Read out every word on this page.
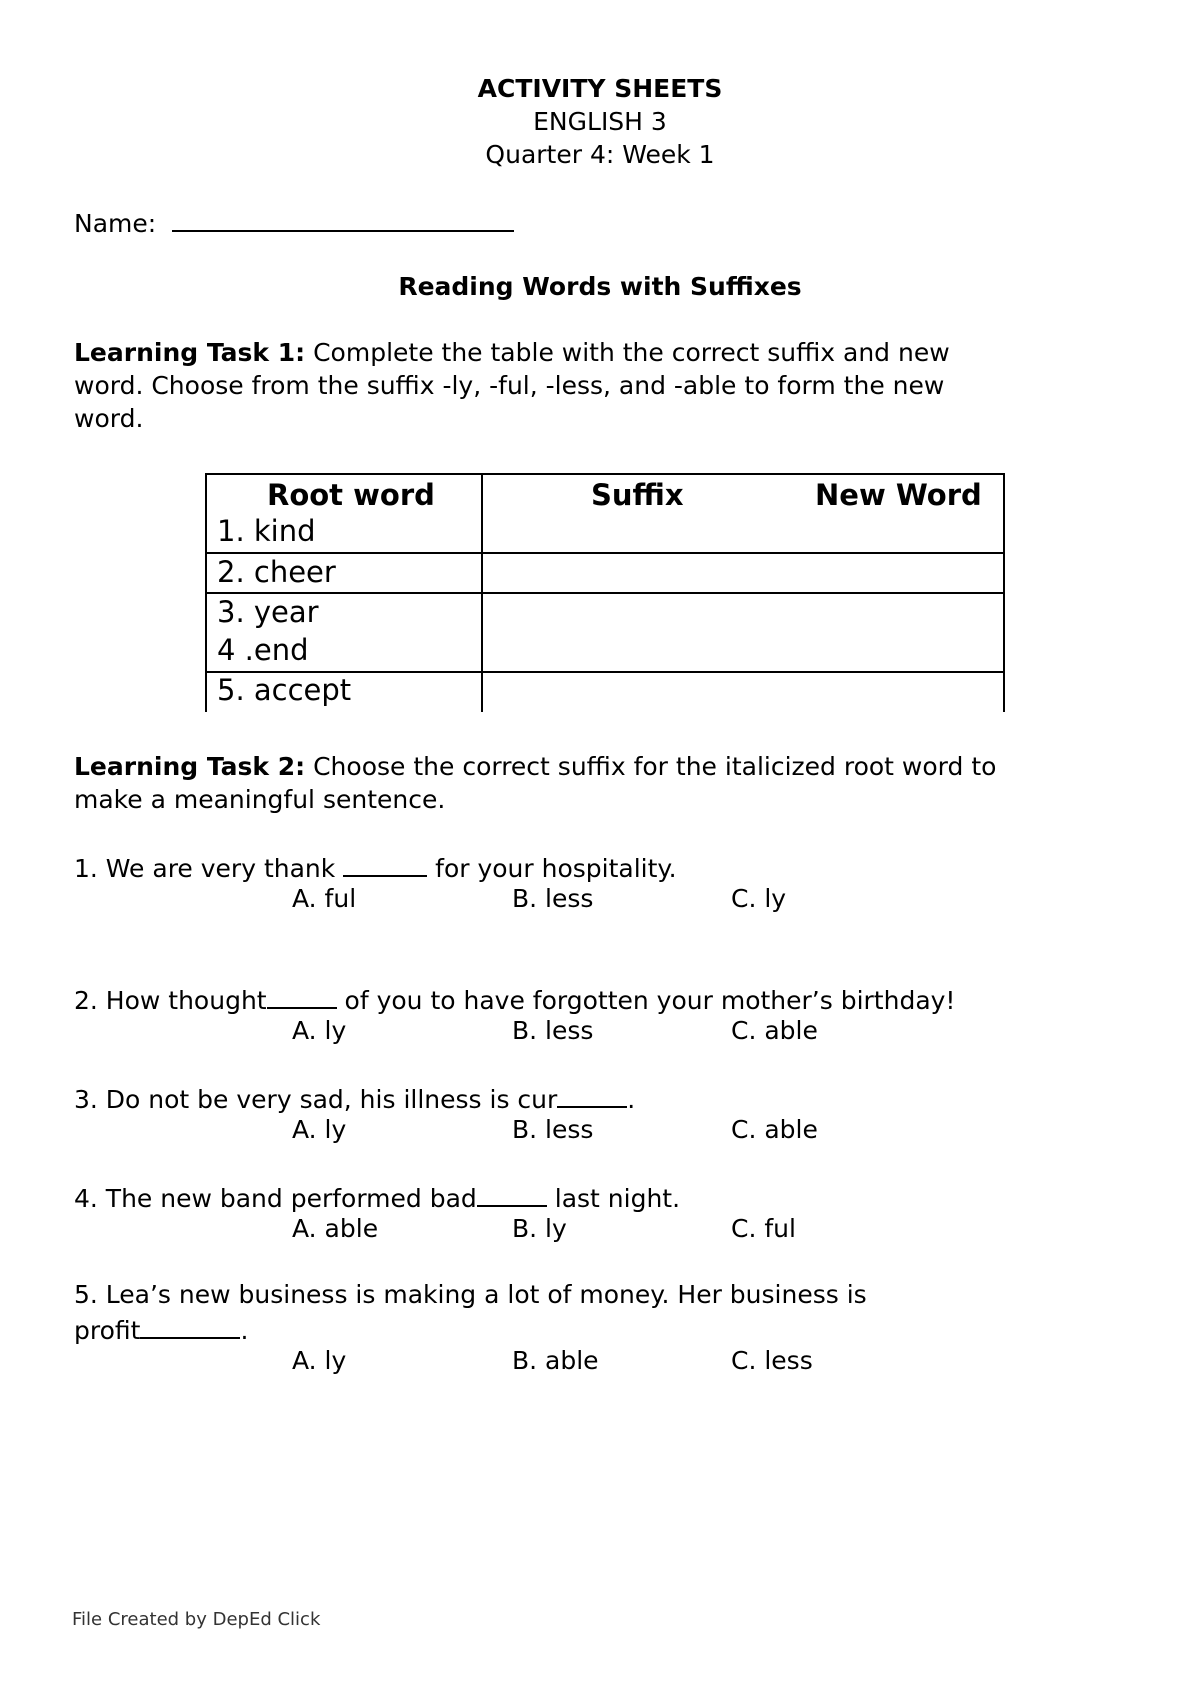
ACTIVITY SHEETS
ENGLISH 3
Quarter 4: Week 1
Name:
Reading Words with Suffixes
Learning Task 1: Complete the table with the correct suffix and new
word. Choose from the suffix -ly, -ful, -less, and -able to form the new
word.
Root word	Suffix	New Word
1. kind
2. cheer
3. year
4 .end
5. accept
Learning Task 2: Choose the correct suffix for the italicized root word to
make a meaningful sentence.
1. We are very thank	for your hospitality.
A. ful	B. less	C. ly
2. How thought	of you to have forgotten your mother’s birthday!
A. ly	B. less	C. able
3. Do not be very sad, his illness is cur	.
A. ly	B. less	C. able
4. The new band performed bad	last night.
A. able	B. ly	C. ful
5. Lea’s new business is making a lot of money. Her business is
profit	.
A. ly	B. able	C. less
File Created by DepEd Click
